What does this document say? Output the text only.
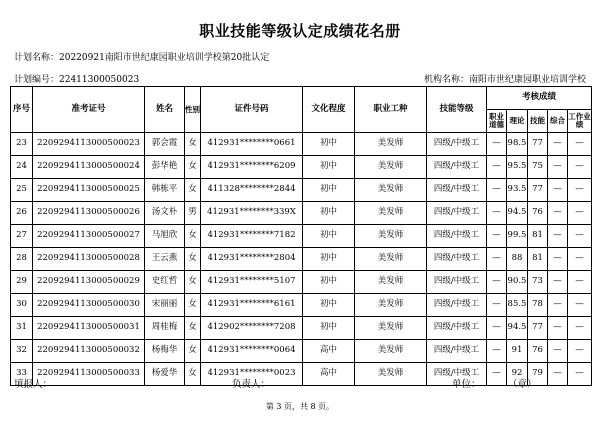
职业技能等级认定成绩花名册
计划名称：20220921南阳市世纪康园职业培训学校第20批认定
计划编号：22411300050023	机构名称：南阳市世纪康园职业培训学校
序号	准考证号	姓名	性别	证件号码	文化程度	职业工种	技能等级	考核成绩				
								职业道德	理论	技能	综合	工作业绩
23	2209294113000500023	郭会霞	女	412931********0661	初中	美发师	四级/中级工	—	98.5	77	—	—
24	2209294113000500024	彭华艳	女	412931********6209	初中	美发师	四级/中级工	—	95.5	75	—	—
25	2209294113000500025	韩栋平	女	411328********2844	初中	美发师	四级/中级工	—	93.5	77	—	—
26	2209294113000500026	汤文朴	男	412931********339X	初中	美发师	四级/中级工	—	94.5	76	—	—
27	2209294113000500027	马旭欣	女	412931********7182	初中	美发师	四级/中级工	—	99.5	81	—	—
28	2209294113000500028	王云燕	女	412931********2804	初中	美发师	四级/中级工	—	88	81	—	—
29	2209294113000500029	史红哲	女	412931********5107	初中	美发师	四级/中级工	—	90.5	73	—	—
30	2209294113000500030	宋丽丽	女	412931********6161	初中	美发师	四级/中级工	—	85.5	78	—	—
31	2209294113000500031	周桂梅	女	412902********7208	初中	美发师	四级/中级工	—	94.5	77	—	—
32	2209294113000500032	杨梅华	女	412931********0064	高中	美发师	四级/中级工	—	91	76	—	—
33	2209294113000500033	杨爱华	女	412931********0023	高中	美发师	四级/中级工	—	92	79	—	—
填报人：	负责人：	单位：	（章）
第 3 页，共 8 页。
